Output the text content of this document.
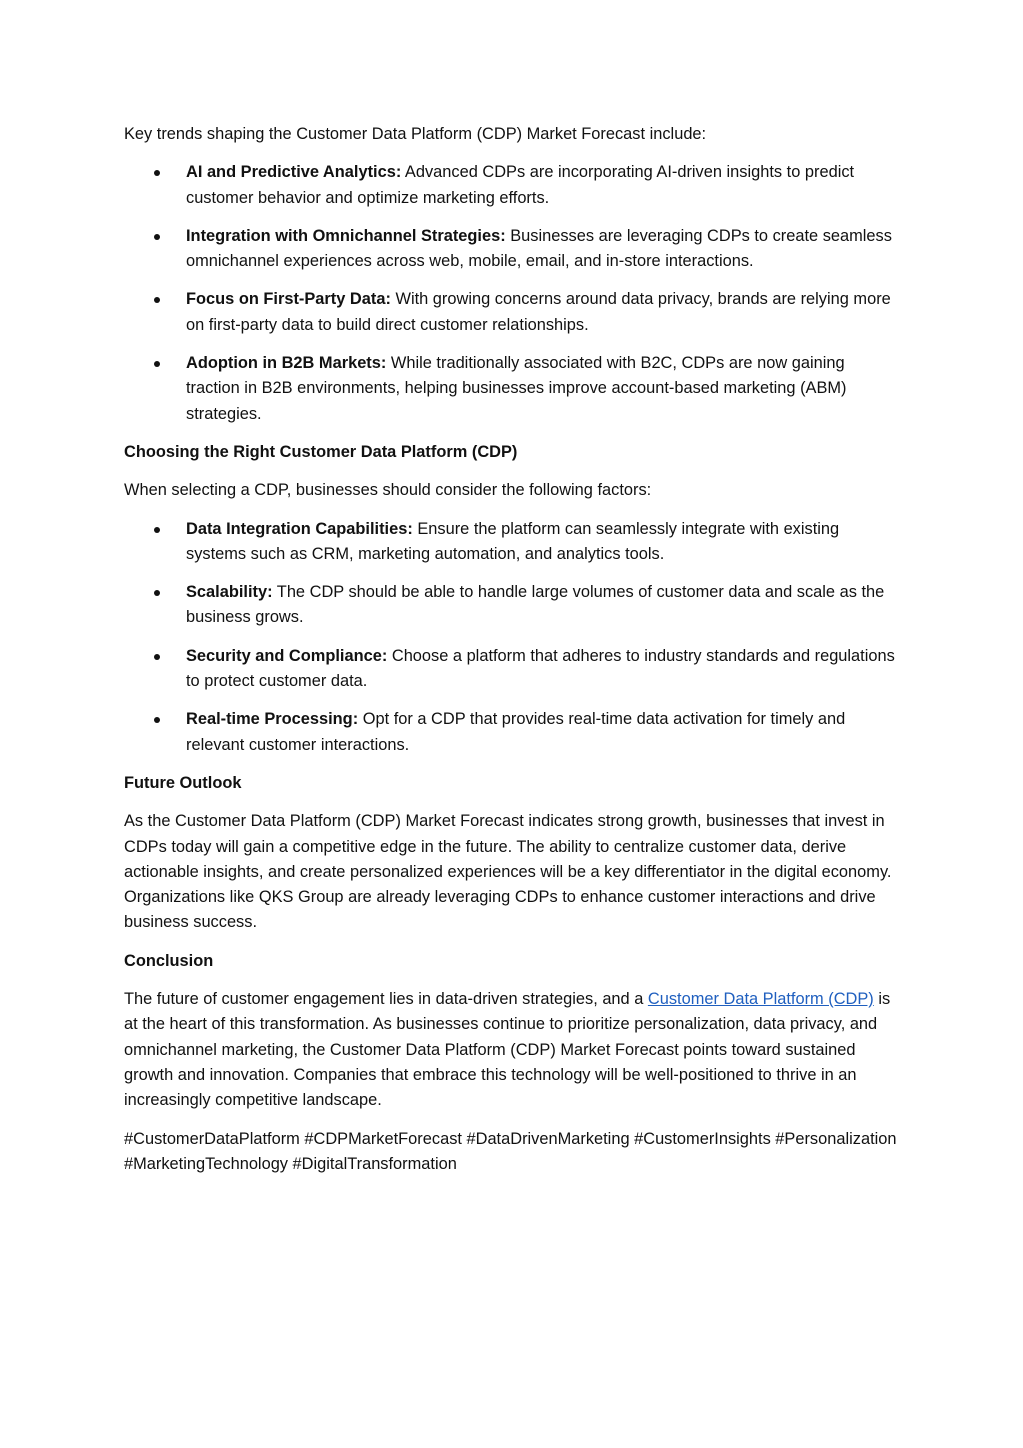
Key trends shaping the Customer Data Platform (CDP) Market Forecast include:

AI and Predictive Analytics: Advanced CDPs are incorporating AI-driven insights to predict customer behavior and optimize marketing efforts.
Integration with Omnichannel Strategies: Businesses are leveraging CDPs to create seamless omnichannel experiences across web, mobile, email, and in-store interactions.
Focus on First-Party Data: With growing concerns around data privacy, brands are relying more on first-party data to build direct customer relationships.
Adoption in B2B Markets: While traditionally associated with B2C, CDPs are now gaining traction in B2B environments, helping businesses improve account-based marketing (ABM) strategies.

Choosing the Right Customer Data Platform (CDP)

When selecting a CDP, businesses should consider the following factors:

Data Integration Capabilities: Ensure the platform can seamlessly integrate with existing systems such as CRM, marketing automation, and analytics tools.
Scalability: The CDP should be able to handle large volumes of customer data and scale as the business grows.
Security and Compliance: Choose a platform that adheres to industry standards and regulations to protect customer data.
Real-time Processing: Opt for a CDP that provides real-time data activation for timely and relevant customer interactions.

Future Outlook

As the Customer Data Platform (CDP) Market Forecast indicates strong growth, businesses that invest in CDPs today will gain a competitive edge in the future. The ability to centralize customer data, derive actionable insights, and create personalized experiences will be a key differentiator in the digital economy. Organizations like QKS Group are already leveraging CDPs to enhance customer interactions and drive business success.

Conclusion

The future of customer engagement lies in data-driven strategies, and a Customer Data Platform (CDP) is at the heart of this transformation. As businesses continue to prioritize personalization, data privacy, and omnichannel marketing, the Customer Data Platform (CDP) Market Forecast points toward sustained growth and innovation. Companies that embrace this technology will be well-positioned to thrive in an increasingly competitive landscape.

#CustomerDataPlatform #CDPMarketForecast #DataDrivenMarketing #CustomerInsights #Personalization #MarketingTechnology #DigitalTransformation
